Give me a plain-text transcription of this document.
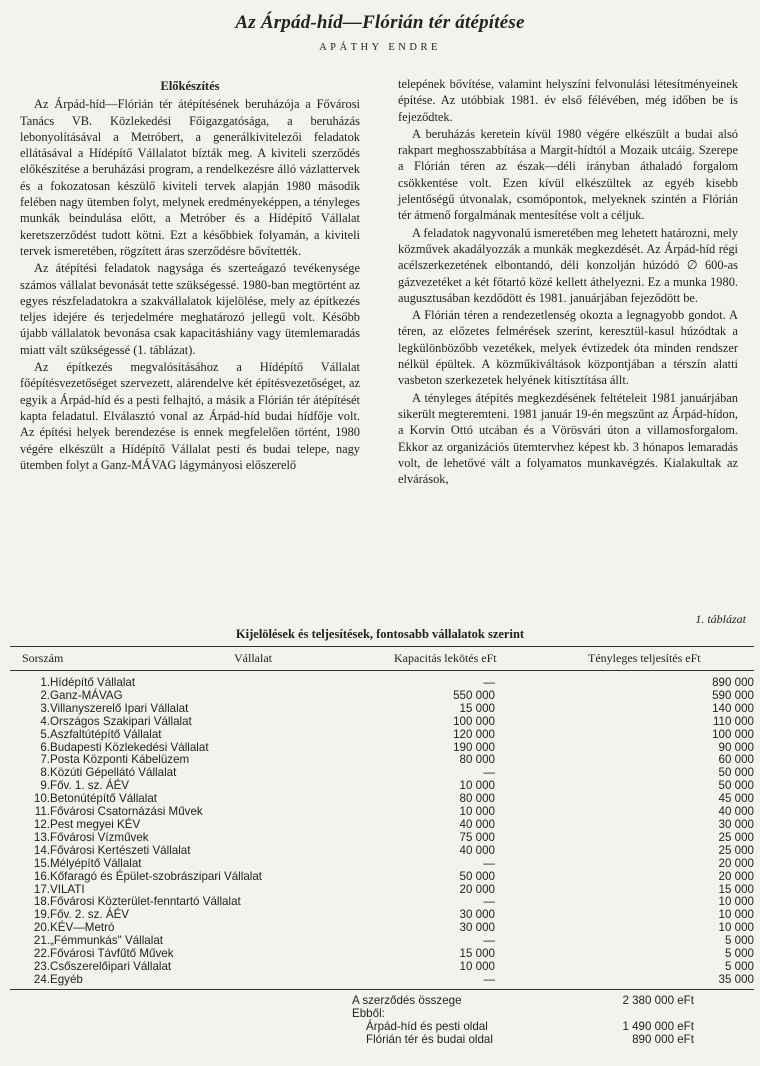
Az Árpád-híd—Flórián tér átépítése
APÁTHY ENDRE
Előkészítés

Az Árpád-híd—Flórián tér átépítésének beruházója a Fővárosi Tanács VB. Közlekedési Főigazgatósága, a beruházás lebonyolításával a Metróbert, a generálkivitelezői feladatok ellátásával a Hídépítő Vállalatot bízták meg. A kiviteli szerződés előkészítése a beruházási program, a rendelkezésre álló vázlattervek és a fokozatosan készülő kiviteli tervek alapján 1980 második felében nagy ütemben folyt, melynek eredményeképpen, a tényleges munkák beindulása előtt, a Metróber és a Hídépítő Vállalat keretszerződést tudott kötni. Ezt a későbbiek folyamán, a kiviteli tervek ismeretében, rögzített áras szerződésre bővítették.

Az átépítési feladatok nagysága és szerteágazó tevékenysége számos vállalat bevonását tette szükségessé. 1980-ban megtörtént az egyes részfeladatokra a szakvállalatok kijelölése, mely az építkezés teljes idejére és terjedelmére meghatározó jellegű volt. Később újabb vállalatok bevonása csak kapacitáshiány vagy ütemlemaradás miatt vált szükségessé (1. táblázat).

Az építkezés megvalósításához a Hídépítő Vállalat főépítésvezetőséget szervezett, alárendelve két építésvezetőséget, az egyik a Árpád-híd és a pesti felhajtó, a másik a Flórián tér átépítését kapta feladatul. Elválasztó vonal az Árpád-híd budai hídfője volt. Az építési helyek berendezése is ennek megfelelően történt, 1980 végére elkészült a Hídépítő Vállalat pesti és budai telepe, nagy ütemben folyt a Ganz-MÁVAG lágymányosi előszerelő

telepének bővítése, valamint helyszíni felvonulási létesítményeinek építése. Az utóbbiak 1981. év első félévében, még időben be is fejeződtek.

A beruházás keretein kívül 1980 végére elkészült a budai alsó rakpart meghosszabbítása a Margit-hídtól a Mozaik utcáig. Szerepe a Flórián téren az észak—déli irányban áthaladó forgalom csökkentése volt. Ezen kívül elkészültek az egyéb kisebb jelentőségű útvonalak, csomópontok, melyeknek szintén a Flórián tér átmenő forgalmának mentesítése volt a céljuk.

A feladatok nagyvonalú ismeretében meg lehetett határozni, mely közművek akadályozzák a munkák megkezdését. Az Árpád-híd régi acélszerkezetének elbontandó, déli konzolján húzódó ∅ 600-as gázvezetéket a két főtartó közé kellett áthelyezni. Ez a munka 1980. augusztusában kezdődött és 1981. januárjában fejeződött be.

A Flórián téren a rendezetlenség okozta a legnagyobb gondot. A téren, az előzetes felmérések szerint, keresztül-kasul húzódtak a legkülönbözőbb vezetékek, melyek évtizedek óta minden rendszer nélkül épültek. A közműkiváltások központjában a térszín alatti vasbeton szerkezetek helyének kitisztítása állt.

A tényleges átépítés megkezdésének feltételeit 1981 januárjában sikerült megteremteni. 1981 január 19-én megszűnt az Árpád-hídon, a Korvin Ottó utcában és a Vörösvári úton a villamosforgalom. Ekkor az organizációs ütemtervhez képest kb. 3 hónapos lemaradás volt, de lehetővé vált a folyamatos munkavégzés. Kialakultak az elvárások,

1. táblázat
Kijelölések és teljesítések, fontosabb vállalatok szerint
Sorszám	Vállalat	Kapacitás lekötés eFt	Tényleges teljesítés eFt
1.	Hídépítő Vállalat	—	890 000
2.	Ganz-MÁVAG	550 000	590 000
3.	Villanyszerelő Ipari Vállalat	15 000	140 000
4.	Országos Szakipari Vállalat	100 000	110 000
5.	Aszfaltútépítő Vállalat	120 000	100 000
6.	Budapesti Közlekedési Vállalat	190 000	90 000
7.	Posta Központi Kábelüzem	80 000	60 000
8.	Közúti Gépellátó Vállalat	—	50 000
9.	Főv. 1. sz. ÁÉV	10 000	50 000
10.	Betonútépítő Vállalat	80 000	45 000
11.	Fővárosi Csatornázási Művek	10 000	40 000
12.	Pest megyei KÉV	40 000	30 000
13.	Fővárosi Vízművek	75 000	25 000
14.	Fővárosi Kertészeti Vállalat	40 000	25 000
15.	Mélyépítő Vállalat	—	20 000
16.	Kőfaragó és Épület-szobrászipari Vállalat	50 000	20 000
17.	VILATI	20 000	15 000
18.	Fővárosi Közterület-fenntartó Vállalat	—	10 000
19.	Főv. 2. sz. ÁÉV	30 000	10 000
20.	KÉV—Metró	30 000	10 000
21.	„Fémmunkás" Vállalat	—	5 000
22.	Fővárosi Távfűtő Művek	15 000	5 000
23.	Csőszerelőipari Vállalat	10 000	5 000
24.	Egyéb	—	35 000
A szerződés összege	2 380 000 eFt
Ebből:
Árpád-híd és pesti oldal	1 490 000 eFt
Flórián tér és budai oldal	890 000 eFt
